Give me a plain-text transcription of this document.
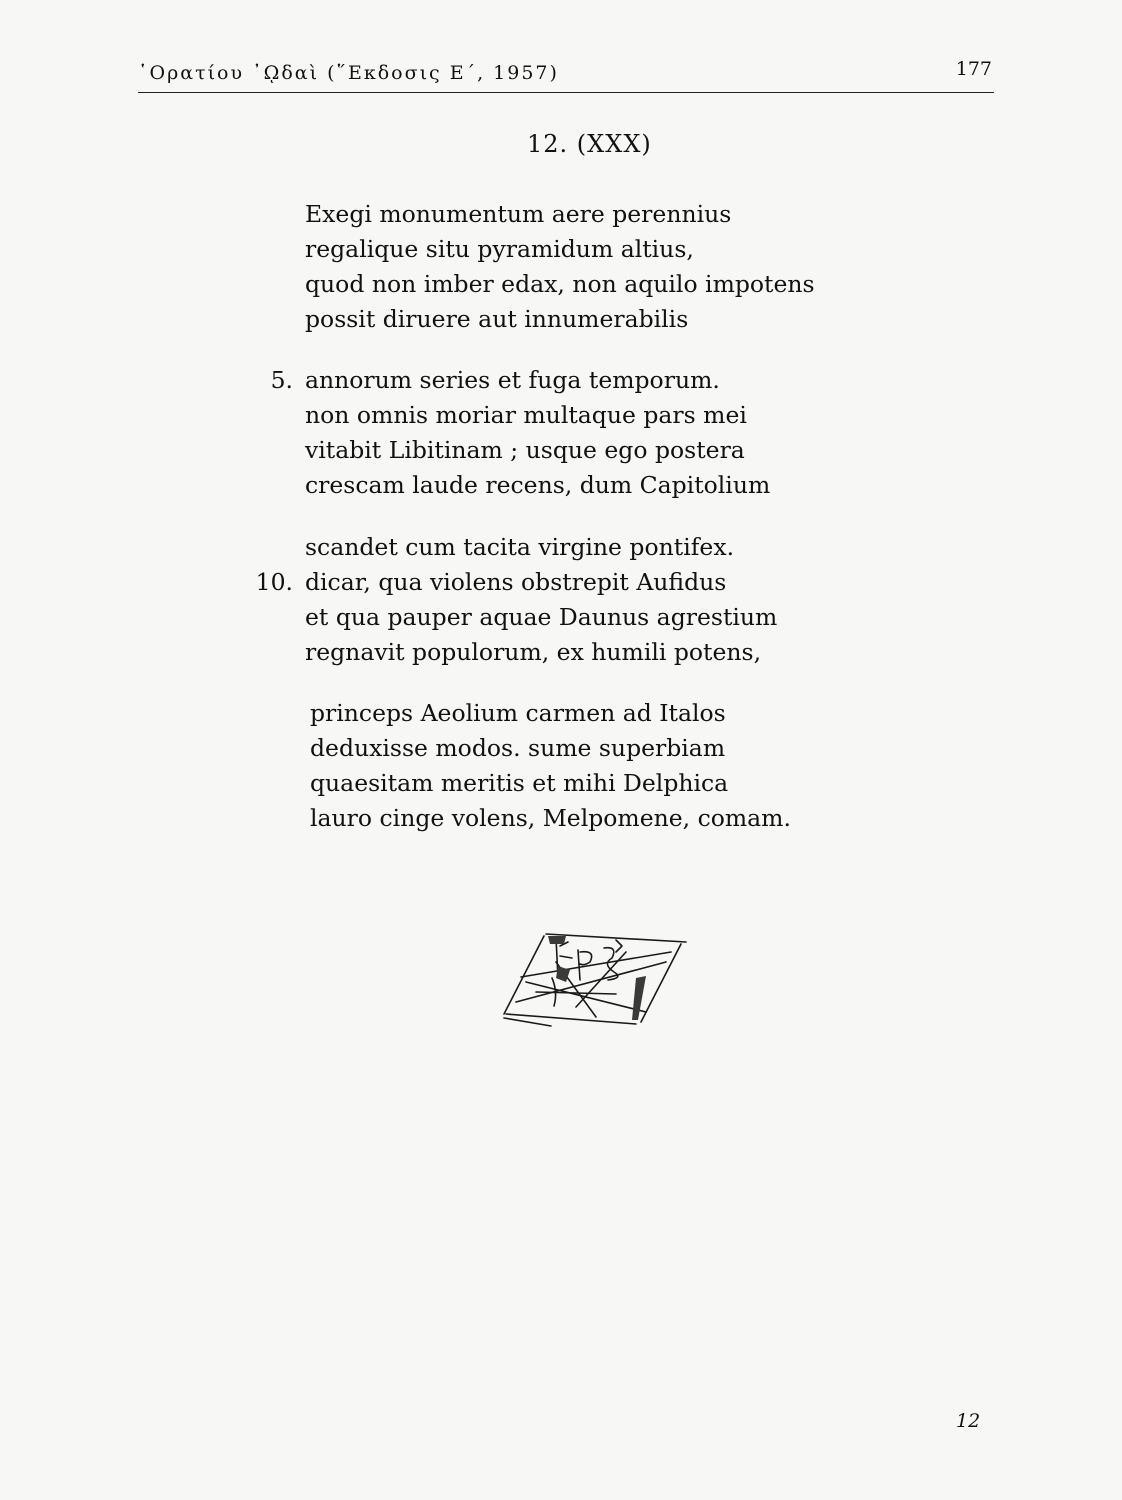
῾Ορατίου ᾿ῼδαὶ (῞Εκδοσις Ε΄, 1957)	177
12. (XXX)
Exegi monumentum aere perennius
regalique situ pyramidum altius,
quod non imber edax, non aquilo impotens
possit diruere aut innumerabilis
5. annorum series et fuga temporum.
non omnis moriar multaque pars mei
vitabit Libitinam ; usque ego postera
crescam laude recens, dum Capitolium
scandet cum tacita virgine pontifex.
10. dicar, qua violens obstrepit Aufidus
et qua pauper aquae Daunus agrestium
regnavit populorum, ex humili potens,
princeps Aeolium carmen ad Italos
deduxisse modos. sume superbiam
quaesitam meritis et mihi Delphica
lauro cinge volens, Melpomene, comam.
12
